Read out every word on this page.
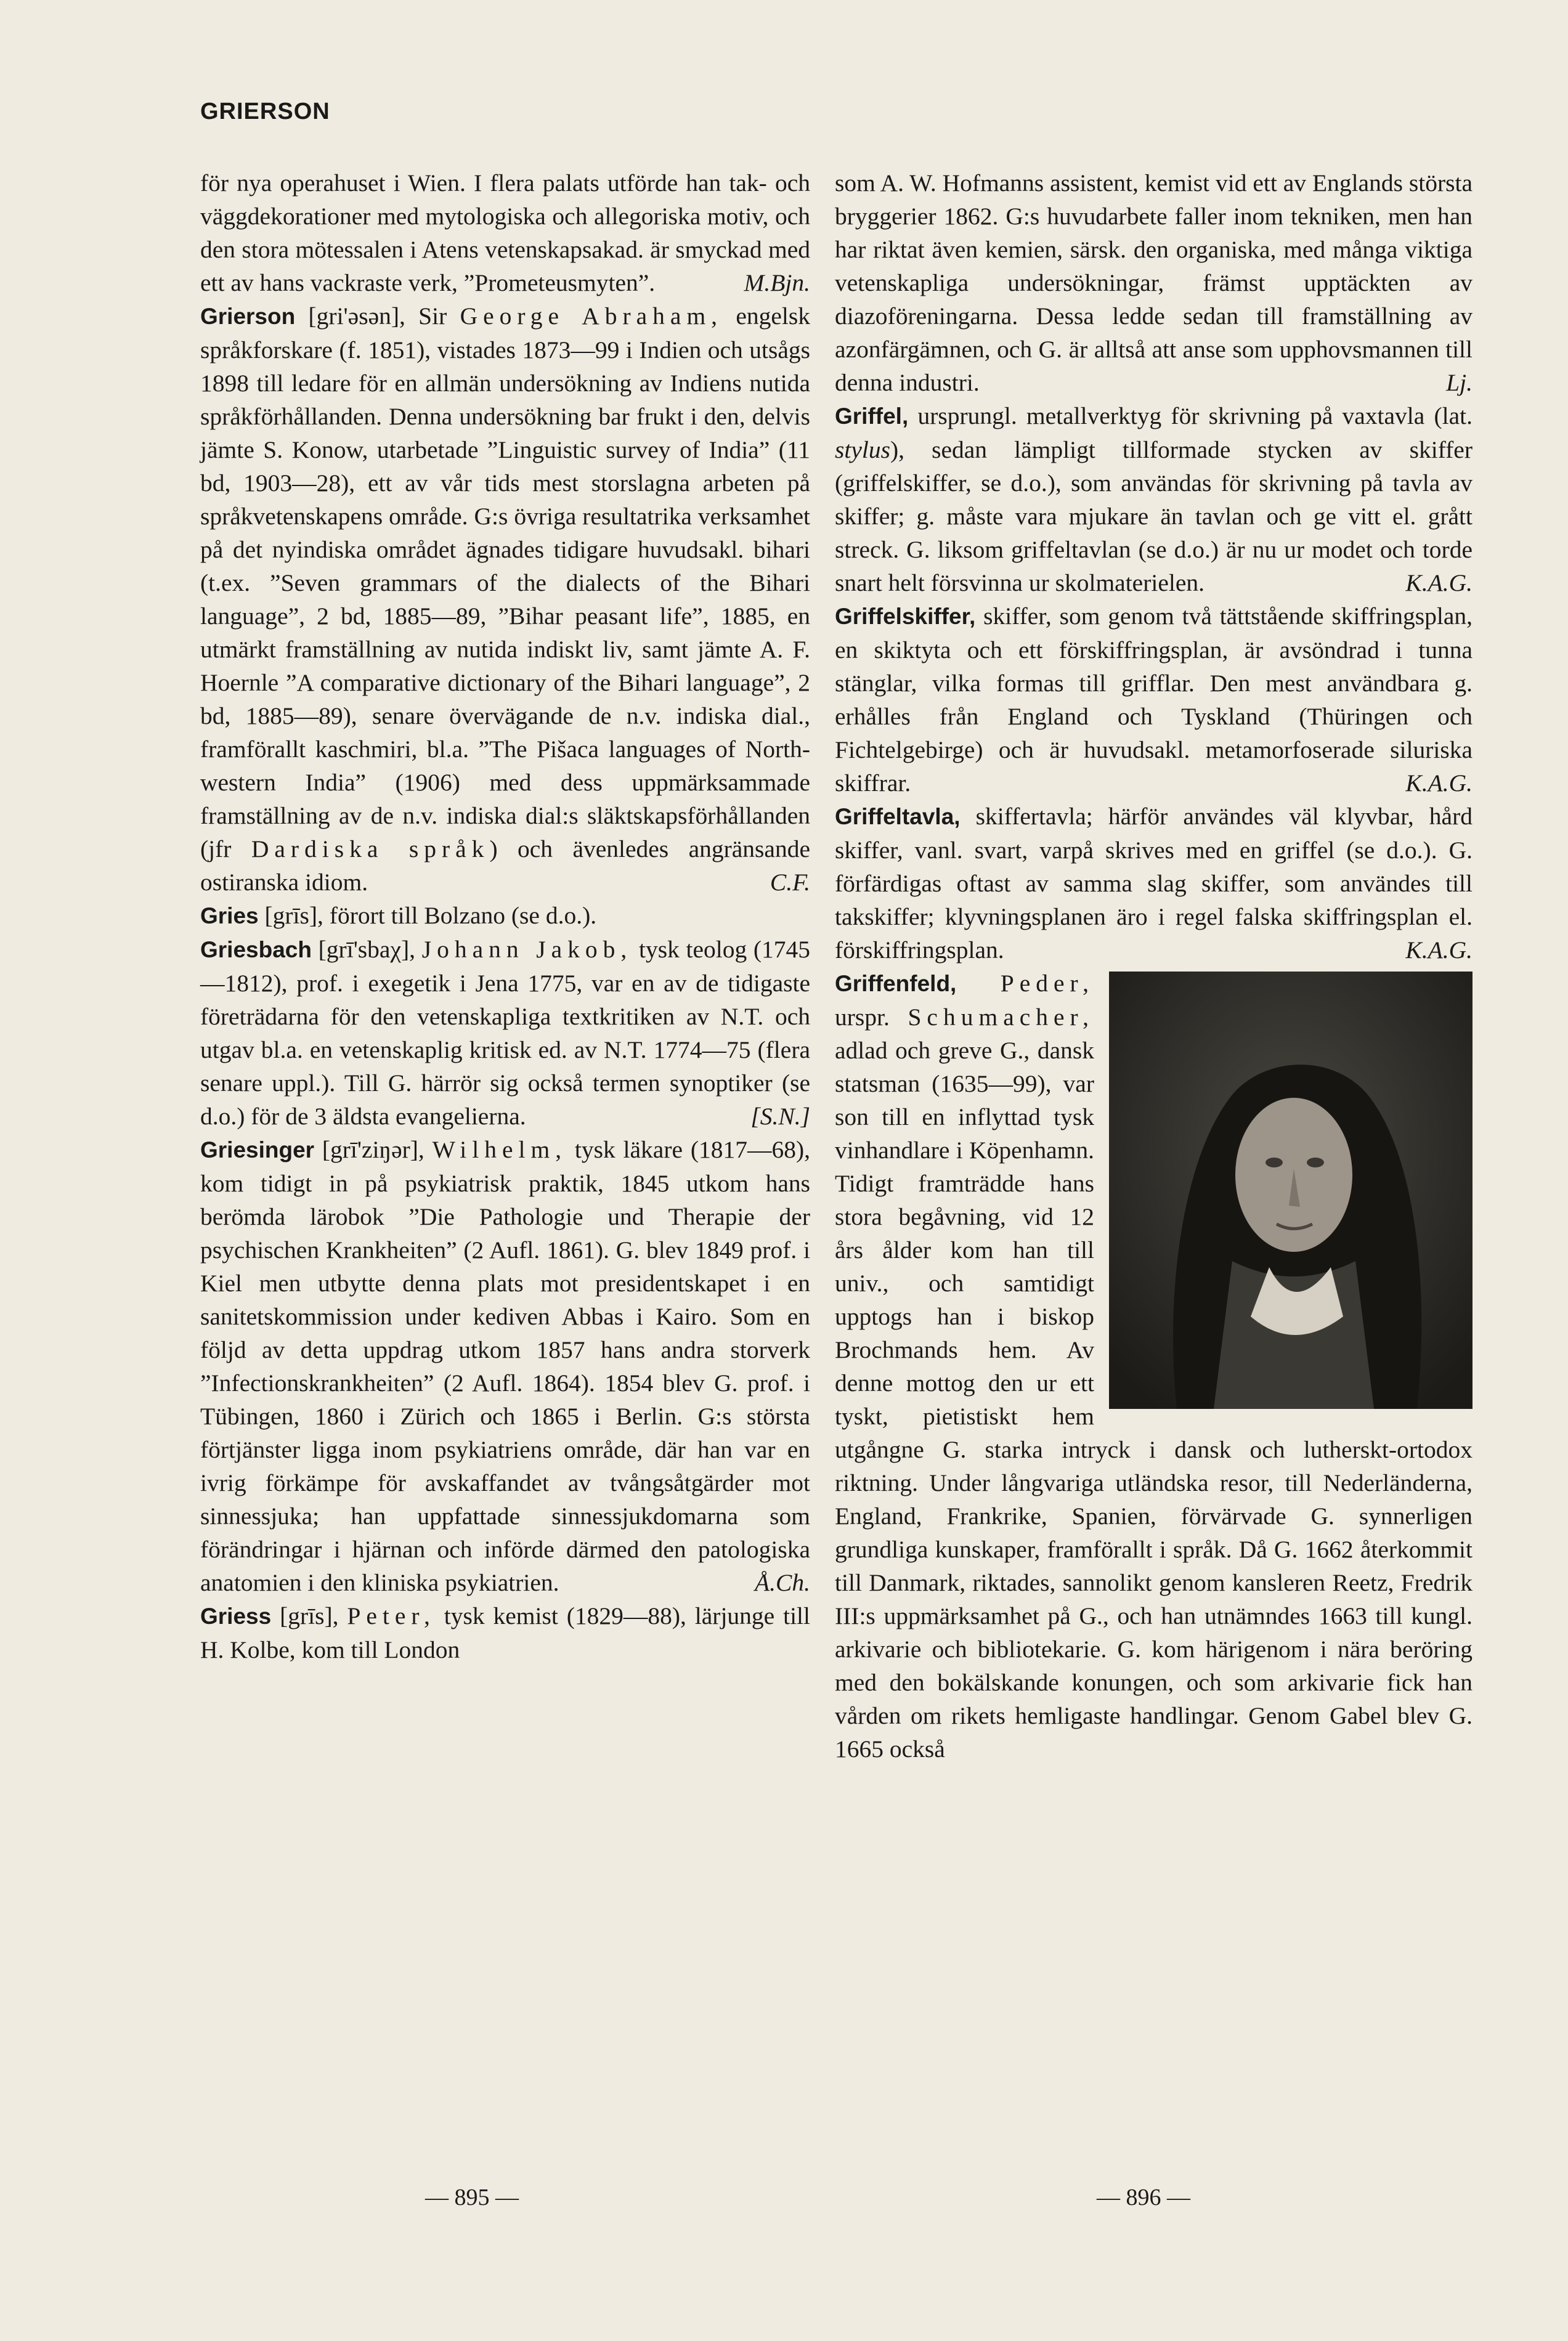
GRIERSON

för nya operahuset i Wien. I flera palats utförde han tak- och väggdekorationer med mytologiska och allegoriska motiv, och den stora mötessalen i Atens vetenskapsakad. är smyckad med ett av hans vackraste verk, ”Prometeusmyten”.	M.Bjn.

Grierson [gri'əsən], Sir George Abraham, engelsk språkforskare (f. 1851), vistades 1873—99 i Indien och utsågs 1898 till ledare för en allmän undersökning av Indiens nutida språkförhållanden. Denna undersökning bar frukt i den, delvis jämte S. Konow, utarbetade ”Linguistic survey of India” (11 bd, 1903—28), ett av vår tids mest storslagna arbeten på språkvetenskapens område. G:s övriga resultatrika verksamhet på det nyindiska området ägnades tidigare huvudsakl. bihari (t.ex. ”Seven grammars of the dialects of the Bihari language”, 2 bd, 1885—89, ”Bihar peasant life”, 1885, en utmärkt framställning av nutida indiskt liv, samt jämte A. F. Hoernle ”A comparative dictionary of the Bihari language”, 2 bd, 1885—89), senare övervägande de n.v. indiska dial., framförallt kaschmiri, bl.a. ”The Pišaca languages of North-western India” (1906) med dess uppmärksammade framställning av de n.v. indiska dial:s släktskapsförhållanden (jfr Dardiska språk) och ävenledes angränsande ostiranska idiom.	C.F.

Gries [grīs], förort till Bolzano (se d.o.).

Griesbach [grī'sbaχ], Johann Jakob, tysk teolog (1745—1812), prof. i exegetik i Jena 1775, var en av de tidigaste företrädarna för den vetenskapliga textkritiken av N.T. och utgav bl.a. en vetenskaplig kritisk ed. av N.T. 1774—75 (flera senare uppl.). Till G. härrör sig också termen synoptiker (se d.o.) för de 3 äldsta evangelierna.	[S.N.]

Griesinger [grī'ziŋər], Wilhelm, tysk läkare (1817—68), kom tidigt in på psykiatrisk praktik, 1845 utkom hans berömda lärobok ”Die Pathologie und Therapie der psychischen Krankheiten” (2 Aufl. 1861). G. blev 1849 prof. i Kiel men utbytte denna plats mot presidentskapet i en sanitetskommission under kediven Abbas i Kairo. Som en följd av detta uppdrag utkom 1857 hans andra storverk ”Infectionskrankheiten” (2 Aufl. 1864). 1854 blev G. prof. i Tübingen, 1860 i Zürich och 1865 i Berlin. G:s största förtjänster ligga inom psykiatriens område, där han var en ivrig förkämpe för avskaffandet av tvångsåtgärder mot sinnessjuka; han uppfattade sinnessjukdomarna som förändringar i hjärnan och införde därmed den patologiska anatomien i den kliniska psykiatrien.	Å.Ch.

Griess [grīs], Peter, tysk kemist (1829—88), lärjunge till H. Kolbe, kom till London

som A. W. Hofmanns assistent, kemist vid ett av Englands största bryggerier 1862. G:s huvudarbete faller inom tekniken, men han har riktat även kemien, särsk. den organiska, med många viktiga vetenskapliga undersökningar, främst upptäckten av diazoföreningarna. Dessa ledde sedan till framställning av azonfärgämnen, och G. är alltså att anse som upphovsmannen till denna industri.	Lj.

Griffel, ursprungl. metallverktyg för skrivning på vaxtavla (lat. stylus), sedan lämpligt tillformade stycken av skiffer (griffelskiffer, se d.o.), som användas för skrivning på tavla av skiffer; g. måste vara mjukare än tavlan och ge vitt el. grått streck. G. liksom griffeltavlan (se d.o.) är nu ur modet och torde snart helt försvinna ur skolmaterielen.	K.A.G.

Griffelskiffer, skiffer, som genom två tättstående skiffringsplan, en skiktyta och ett förskiffringsplan, är avsöndrad i tunna stänglar, vilka formas till grifflar. Den mest användbara g. erhålles från England och Tyskland (Thüringen och Fichtelgebirge) och är huvudsakl. metamorfoserade siluriska skiffrar.	K.A.G.

Griffeltavla, skiffertavla; härför användes väl klyvbar, hård skiffer, vanl. svart, varpå skrives med en griffel (se d.o.). G. förfärdigas oftast av samma slag skiffer, som användes till takskiffer; klyvningsplanen äro i regel falska skiffringsplan el. förskiffringsplan.	K.A.G.

Griffenfeld, Peder, urspr. Schumacher, adlad och greve G., dansk statsman (1635—99), var son till en inflyttad tysk vinhandlare i Köpenhamn. Tidigt framträdde hans stora begåvning, vid 12 års ålder kom han till univ., och samtidigt upptogs han i biskop Brochmands hem. Av denne mottog den ur ett tyskt, pietistiskt hem utgångne G. starka intryck i dansk och lutherskt-ortodox riktning. Under långvariga utländska resor, till Nederländerna, England, Frankrike, Spanien, förvärvade G. synnerligen grundliga kunskaper, framförallt i språk. Då G. 1662 återkommit till Danmark, riktades, sannolikt genom kansleren Reetz, Fredrik III:s uppmärksamhet på G., och han utnämndes 1663 till kungl. arkivarie och bibliotekarie. G. kom härigenom i nära beröring med den bokälskande konungen, och som arkivarie fick han vården om rikets hemligaste handlingar. Genom Gabel blev G. 1665 också

— 895 —	— 896 —
